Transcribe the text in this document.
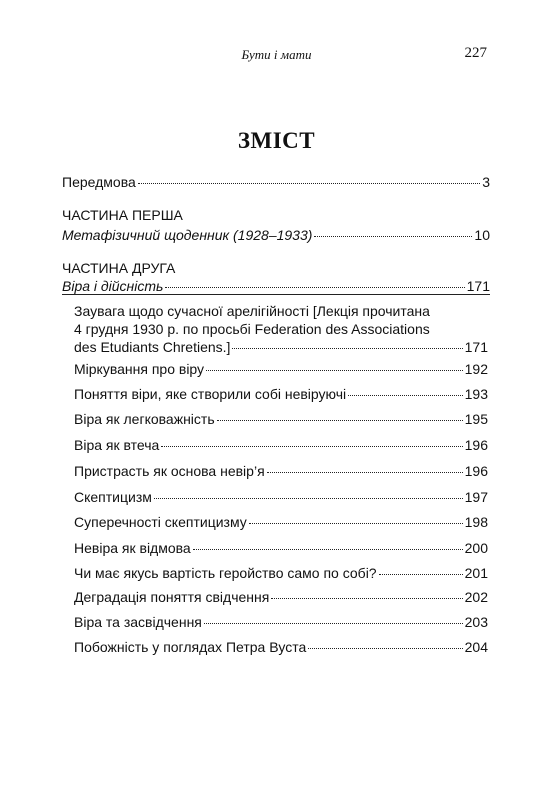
Бути і мати	227
ЗМІСТ
Передмова	3
ЧАСТИНА ПЕРША
Метафізичний щоденник (1928–1933)	10
ЧАСТИНА ДРУГА
Віра і дійсність	171
Заувага щодо сучасної арелігійності [Лекція прочитана
4 грудня 1930 р. по просьбі Federation des Associations
des Etudiants Chretiens.]	171
Міркування про віру	192
Поняття віри, яке створили собі невіруючі	193
Віра як легковажність	195
Віра як втеча	196
Пристрасть як основа невір’я	196
Скептицизм	197
Суперечності скептицизму	198
Невіра як відмова	200
Чи має якусь вартість геройство само по собі?	201
Деградація поняття свідчення	202
Віра та засвідчення	203
Побожність у поглядах Петра Вуста	204
